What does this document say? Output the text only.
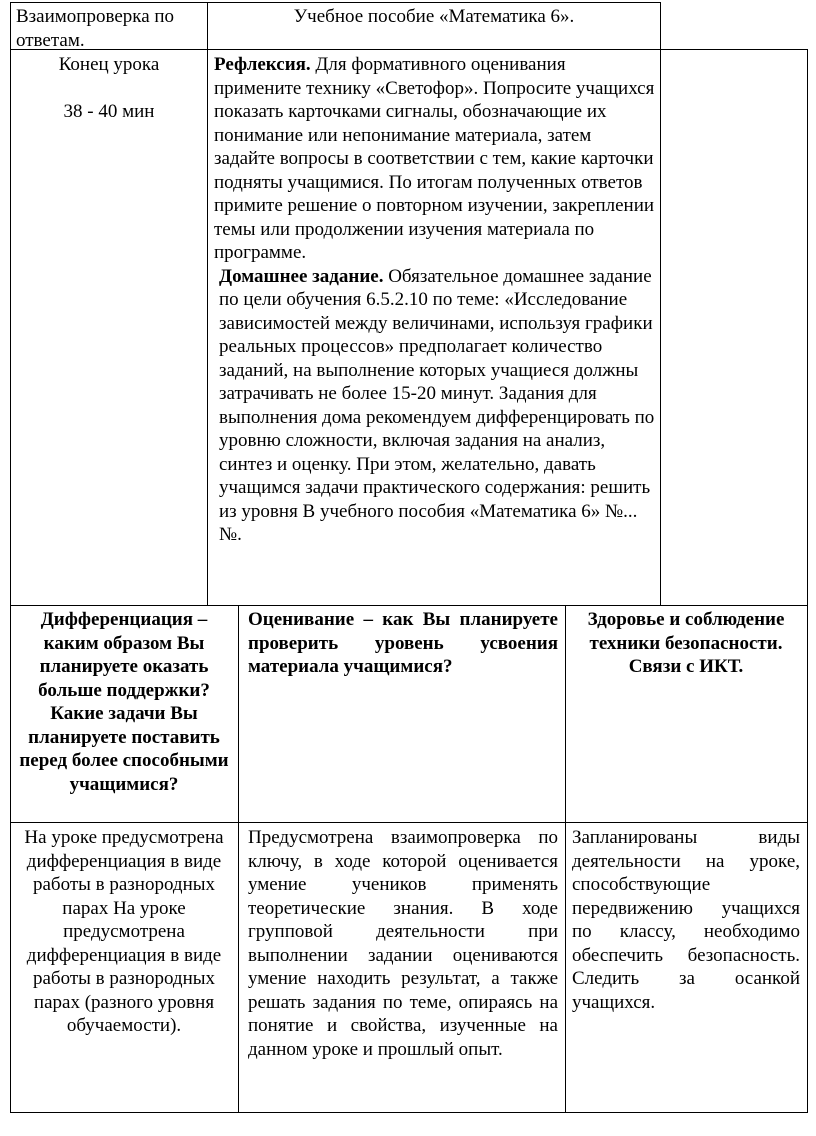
Взаимопроверка по ответам.

Учебное пособие «Математика 6».

Конец урока

38 - 40 мин

Рефлексия. Для формативного оценивания примените технику «Светофор». Попросите учащихся показать карточками сигналы, обозначающие их понимание или непонимание материала, затем задайте вопросы в соответствии с тем, какие карточки подняты учащимися. По итогам полученных ответов примите решение о повторном изучении, закреплении темы или продолжении изучения материала по программе.

Домашнее задание. Обязательное домашнее задание по цели обучения 6.5.2.10 по теме: «Исследование зависимостей между величинами, используя графики реальных процессов» предполагает количество заданий, на выполнение которых учащиеся должны затрачивать не более 15-20 минут. Задания для выполнения дома рекомендуем дифференцировать по уровню сложности, включая задания на анализ, синтез и оценку. При этом, желательно, давать учащимся задачи практического содержания: решить из уровня В учебного пособия «Математика 6» №...№.

Дифференциация – каким образом Вы планируете оказать больше поддержки? Какие задачи Вы планируете поставить перед более способными учащимися?

Оценивание – как Вы планируете проверить уровень усвоения материала учащимися?

Здоровье и соблюдение техники безопасности. Связи с ИКТ.

На уроке предусмотрена дифференциация в виде работы в разнородных парах На уроке предусмотрена дифференциация в виде работы в разнородных парах (разного уровня обучаемости).

Предусмотрена взаимопроверка по ключу, в ходе которой оценивается умение учеников применять теоретические знания. В ходе групповой деятельности при выполнении задании оцениваются умение находить результат, а также решать задания по теме, опираясь на понятие и свойства, изученные на данном уроке и прошлый опыт.

Запланированы виды деятельности на уроке, способствующие передвижению учащихся по классу, необходимо обеспечить безопасность. Следить за осанкой учащихся.
